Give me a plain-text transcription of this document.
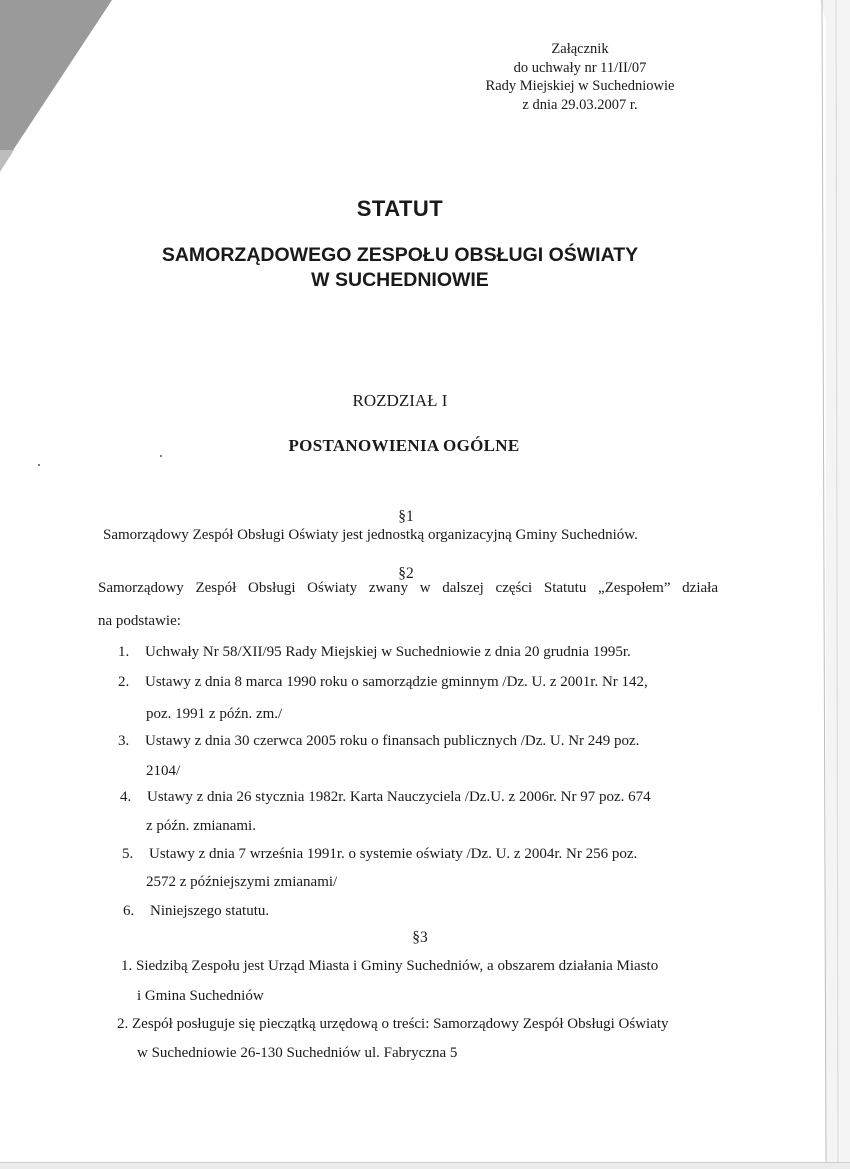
Załącznik
do uchwały nr 11/II/07
Rady Miejskiej w Suchedniowie
z dnia 29.03.2007 r.
STATUT
SAMORZĄDOWEGO ZESPOŁU OBSŁUGI OŚWIATY
W SUCHEDNIOWIE
ROZDZIAŁ I
POSTANOWIENIA OGÓLNE
§1
Samorządowy Zespół Obsługi Oświaty jest jednostką organizacyjną Gminy Suchedniów.
§2
Samorządowy Zespół Obsługi Oświaty zwany w dalszej części Statutu „Zespołem” działa
na podstawie:
1. Uchwały Nr 58/XII/95 Rady Miejskiej w Suchedniowie z dnia 20 grudnia 1995r.
2. Ustawy z dnia 8 marca 1990 roku o samorządzie gminnym /Dz. U. z 2001r. Nr 142,
poz. 1991 z późn. zm./
3. Ustawy z dnia 30 czerwca 2005 roku o finansach publicznych /Dz. U. Nr 249 poz.
2104/
4. Ustawy z dnia 26 stycznia 1982r. Karta Nauczyciela /Dz.U. z 2006r. Nr 97 poz. 674
z późn. zmianami.
5. Ustawy z dnia 7 września 1991r. o systemie oświaty /Dz. U. z 2004r. Nr 256 poz.
2572 z późniejszymi zmianami/
6. Niniejszego statutu.
§3
1. Siedzibą Zespołu jest Urząd Miasta i Gminy Suchedniów, a obszarem działania Miasto
i Gmina Suchedniów
2. Zespół posługuje się pieczątką urzędową o treści: Samorządowy Zespół Obsługi Oświaty
w Suchedniowie 26-130 Suchedniów ul. Fabryczna 5
